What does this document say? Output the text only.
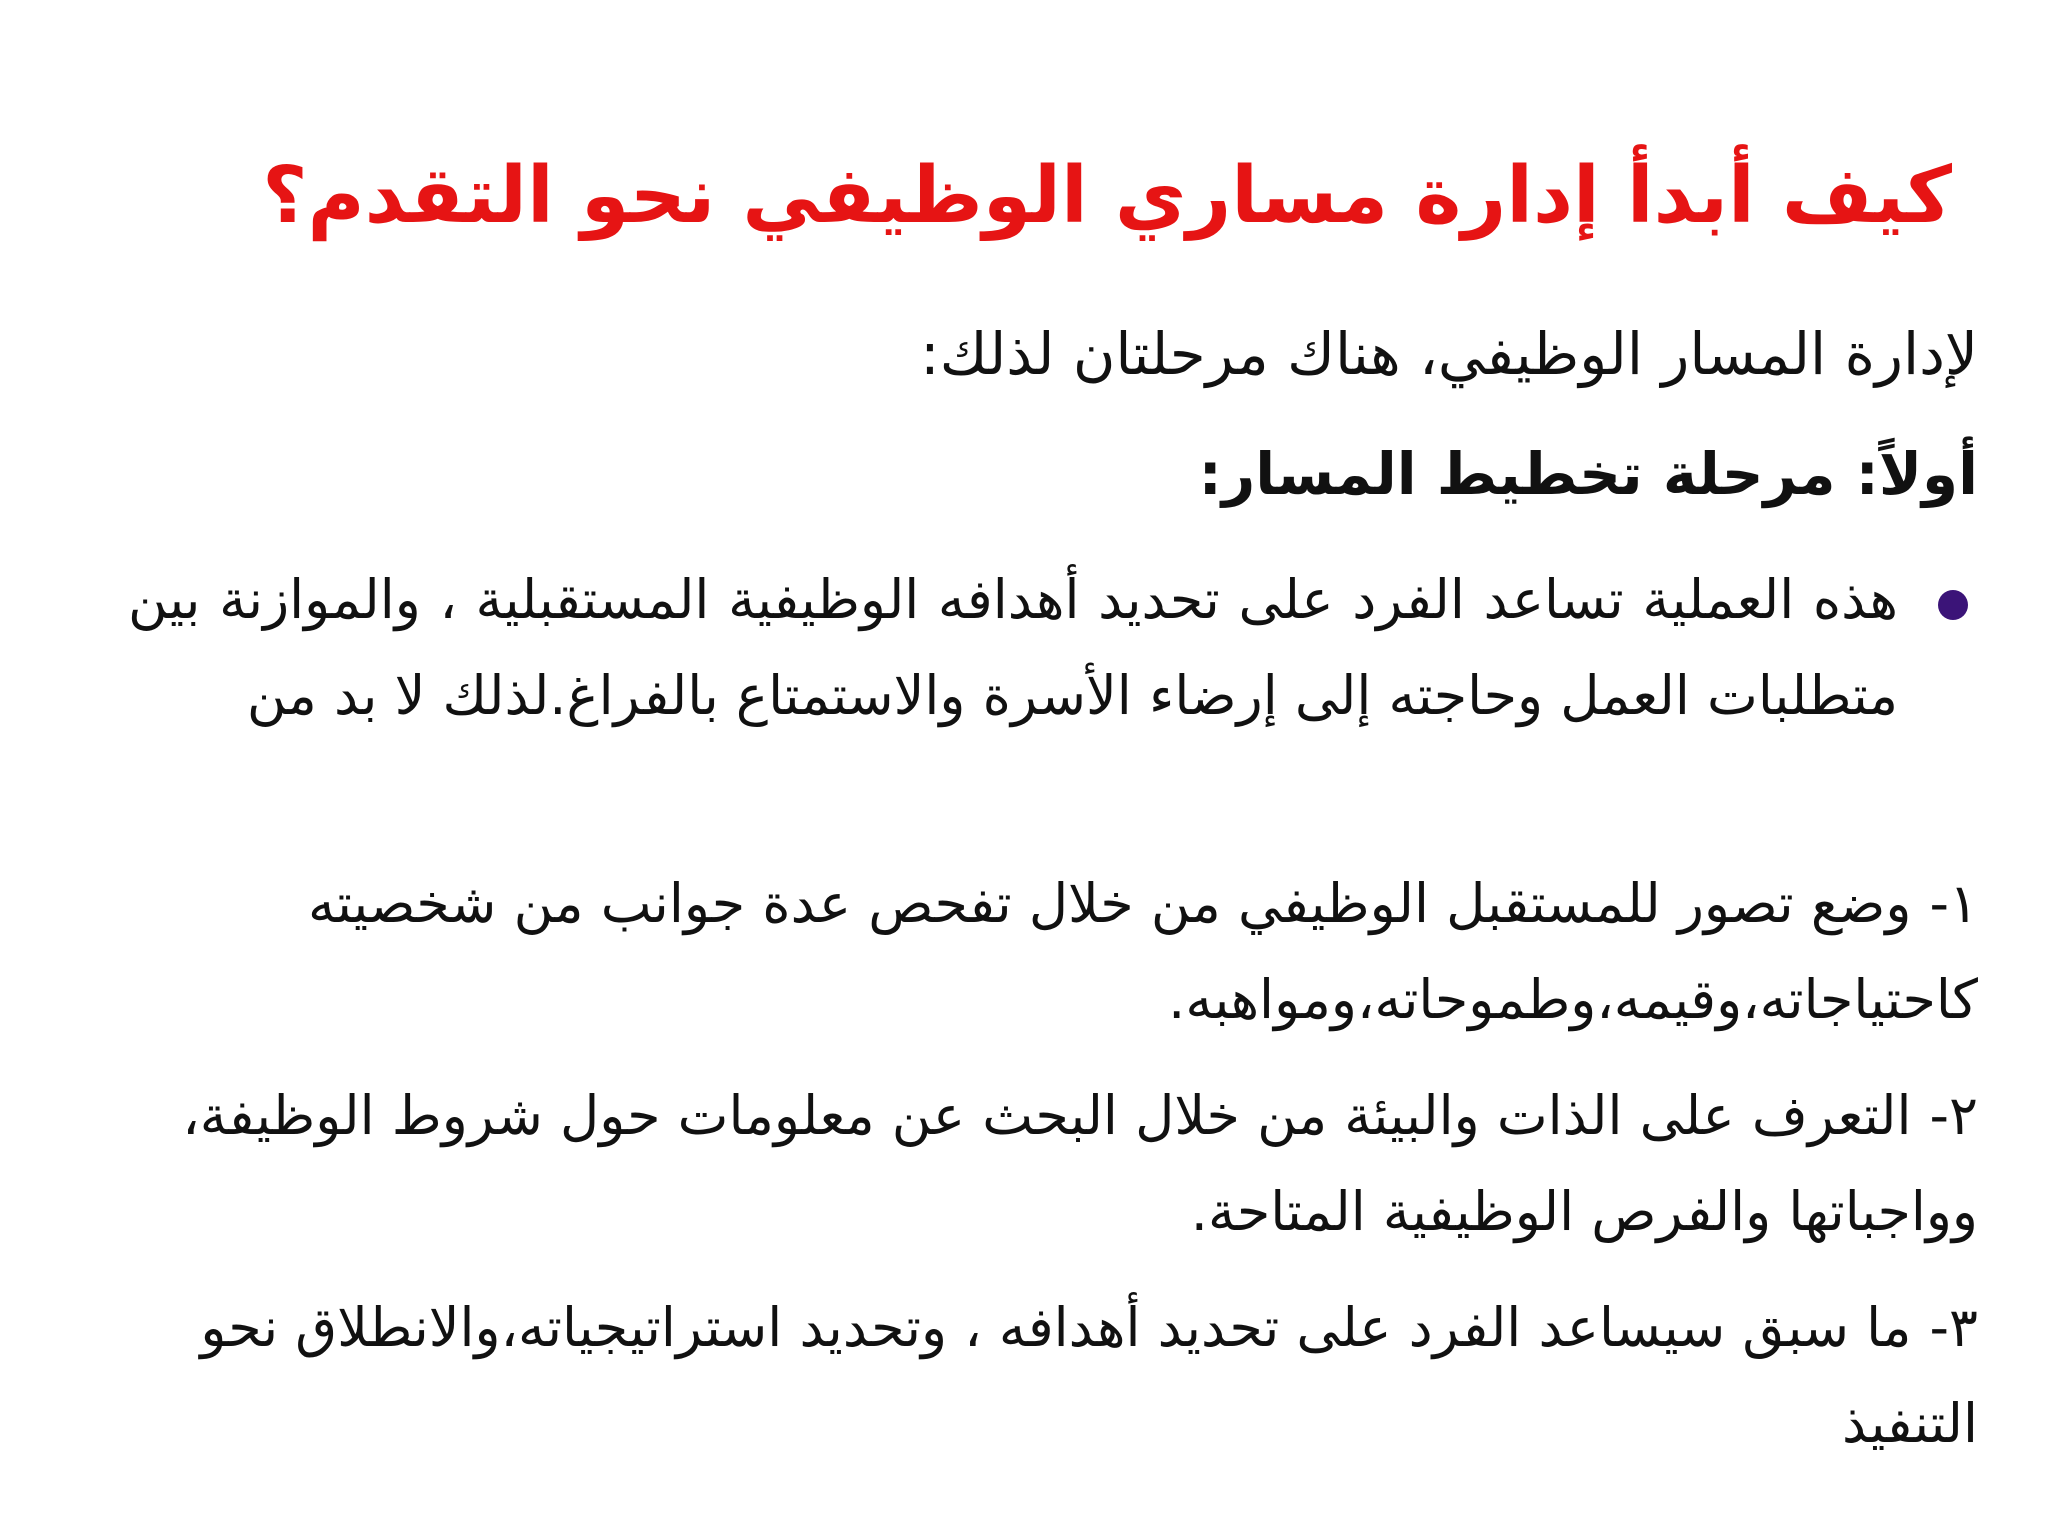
كيف أبدأ إدارة مساري الوظيفي نحو التقدم؟
لإدارة المسار الوظيفي، هناك مرحلتان لذلك:
أولاً: مرحلة تخطيط المسار:
هذه العملية تساعد الفرد على تحديد أهدافه الوظيفية المستقبلية ، والموازنة بين متطلبات العمل وحاجته إلى إرضاء الأسرة والاستمتاع بالفراغ.لذلك لا بد من
١-وضع تصور للمستقبل الوظيفي من خلال تفحص عدة جوانب من شخصيته كاحتياجاته،وقيمه،وطموحاته،ومواهبه.
٢-التعرف على الذات والبيئة من خلال البحث عن معلومات حول شروط الوظيفة، وواجباتها والفرص الوظيفية المتاحة.
٣-ما سبق سيساعد الفرد على تحديد أهدافه ، وتحديد استراتيجياته،والانطلاق نحو التنفيذ
